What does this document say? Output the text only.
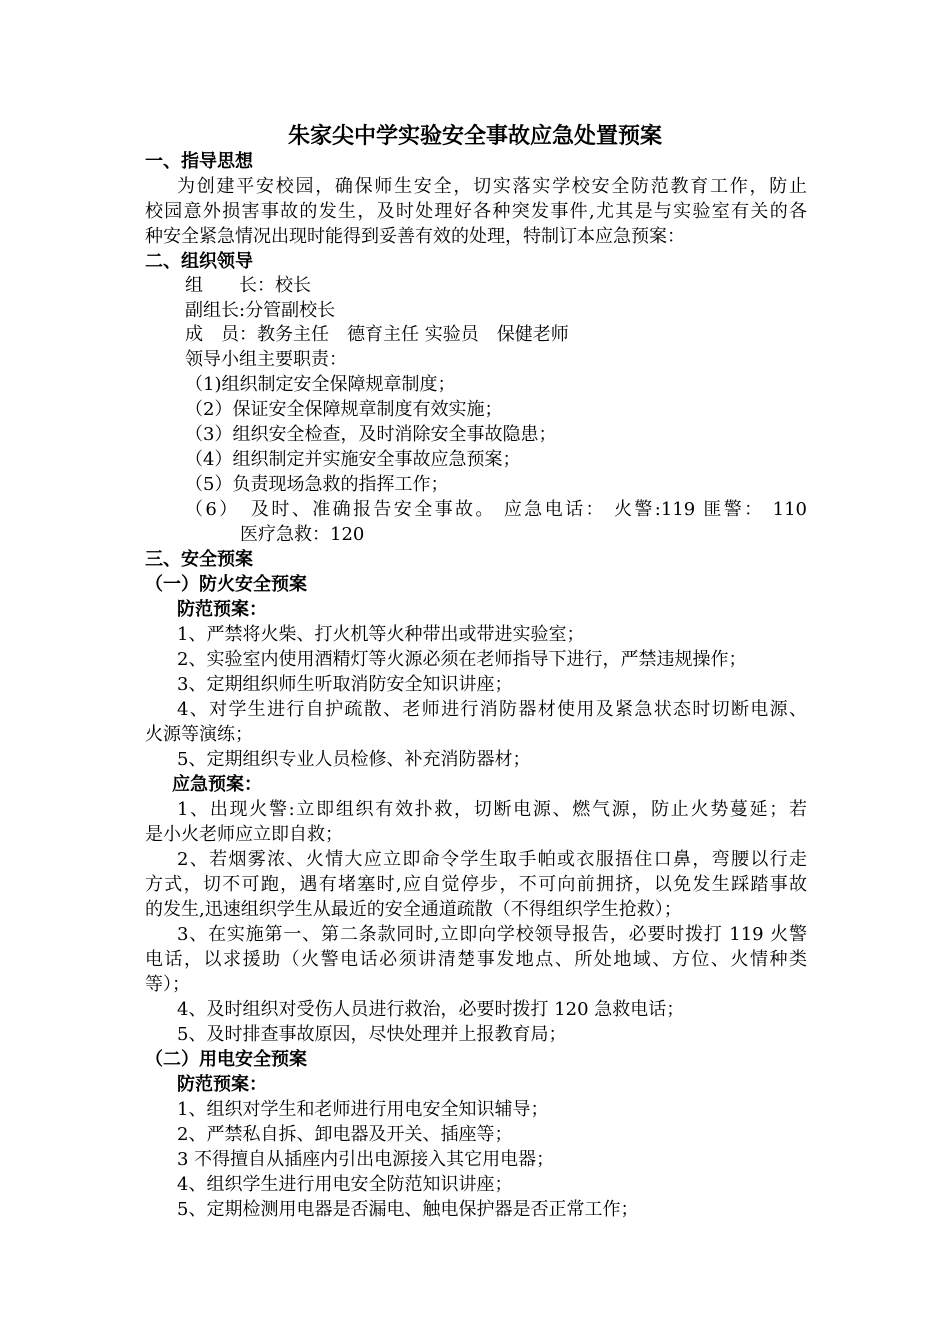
朱家尖中学实验安全事故应急处置预案
一、指导思想
为创建平安校园，确保师生安全，切实落实学校安全防范教育工作，防止
校园意外损害事故的发生，及时处理好各种突发事件,尤其是与实验室有关的各
种安全紧急情况出现时能得到妥善有效的处理，特制订本应急预案：
二、组织领导
组　　长：校长
副组长:分管副校长
成　员：教务主任　德育主任 实验员　保健老师
领导小组主要职责：
（1)组织制定安全保障规章制度；
（2）保证安全保障规章制度有效实施；
（3）组织安全检查，及时消除安全事故隐患；
（4）组织制定并实施安全事故应急预案；
（5）负责现场急救的指挥工作；
（6）　及时、准确报告安全事故。 应急电话： 火警:119 匪警： 110
医疗急救：120
三、安全预案
（一）防火安全预案
防范预案：
1、严禁将火柴、打火机等火种带出或带进实验室；
2、实验室内使用酒精灯等火源必须在老师指导下进行，严禁违规操作；
3、定期组织师生听取消防安全知识讲座；
4、对学生进行自护疏散、老师进行消防器材使用及紧急状态时切断电源、
火源等演练；
5、定期组织专业人员检修、补充消防器材；
应急预案：
1、出现火警:立即组织有效扑救，切断电源、燃气源，防止火势蔓延；若
是小火老师应立即自救；
2、若烟雾浓、火情大应立即命令学生取手帕或衣服捂住口鼻，弯腰以行走
方式，切不可跑，遇有堵塞时,应自觉停步，不可向前拥挤，以免发生踩踏事故
的发生,迅速组织学生从最近的安全通道疏散（不得组织学生抢救）；
3、在实施第一、第二条款同时,立即向学校领导报告，必要时拨打 119 火警
电话，以求援助（火警电话必须讲清楚事发地点、所处地域、方位、火情种类
等）；
4、及时组织对受伤人员进行救治，必要时拨打 120 急救电话；
5、及时排查事故原因，尽快处理并上报教育局；
（二）用电安全预案
防范预案：
1、组织对学生和老师进行用电安全知识辅导；
2、严禁私自拆、卸电器及开关、插座等；
3 不得擅自从插座内引出电源接入其它用电器；
4、组织学生进行用电安全防范知识讲座；
5、定期检测用电器是否漏电、触电保护器是否正常工作；
